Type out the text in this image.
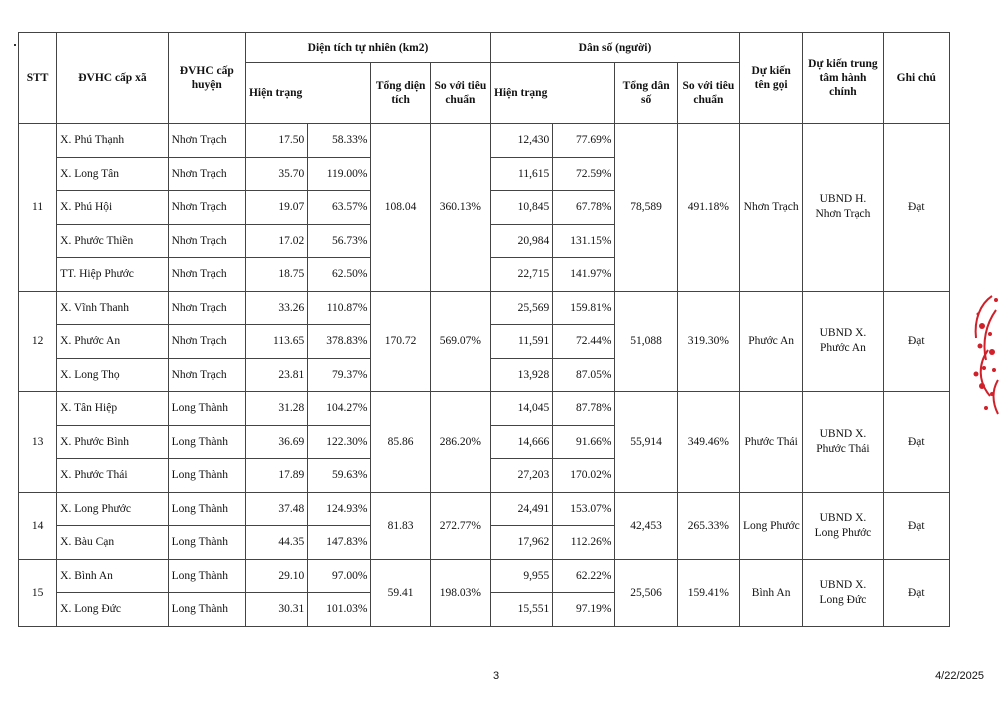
STT	ĐVHC cấp xã	ĐVHC cấp huyện	Diện tích tự nhiên (km2)				Dân số (người)				Dự kiến tên gọi	Dự kiến trung tâm hành chính	Ghi chú
			Hiện trạng		Tổng diện tích	So với tiêu chuẩn	Hiện trạng		Tổng dân số	So với tiêu chuẩn			
11	X. Phú Thạnh	Nhơn Trạch	17.50	58.33%	108.04	360.13%	12,430	77.69%	78,589	491.18%	Nhơn Trạch	UBND H. Nhơn Trạch	Đạt
	X. Long Tân	Nhơn Trạch	35.70	119.00%			11,615	72.59%					
	X. Phú Hội	Nhơn Trạch	19.07	63.57%			10,845	67.78%					
	X. Phước Thiền	Nhơn Trạch	17.02	56.73%			20,984	131.15%					
	TT. Hiệp Phước	Nhơn Trạch	18.75	62.50%			22,715	141.97%					
12	X. Vĩnh Thanh	Nhơn Trạch	33.26	110.87%	170.72	569.07%	25,569	159.81%	51,088	319.30%	Phước An	UBND X. Phước An	Đạt
	X. Phước An	Nhơn Trạch	113.65	378.83%			11,591	72.44%					
	X. Long Thọ	Nhơn Trạch	23.81	79.37%			13,928	87.05%					
13	X. Tân Hiệp	Long Thành	31.28	104.27%	85.86	286.20%	14,045	87.78%	55,914	349.46%	Phước Thái	UBND X. Phước Thái	Đạt
	X. Phước Bình	Long Thành	36.69	122.30%			14,666	91.66%					
	X. Phước Thái	Long Thành	17.89	59.63%			27,203	170.02%					
14	X. Long Phước	Long Thành	37.48	124.93%	81.83	272.77%	24,491	153.07%	42,453	265.33%	Long Phước	UBND X. Long Phước	Đạt
	X. Bàu Cạn	Long Thành	44.35	147.83%			17,962	112.26%					
15	X. Bình An	Long Thành	29.10	97.00%	59.41	198.03%	9,955	62.22%	25,506	159.41%	Bình An	UBND X. Long Đức	Đạt
	X. Long Đức	Long Thành	30.31	101.03%			15,551	97.19%					
3	4/22/2025
